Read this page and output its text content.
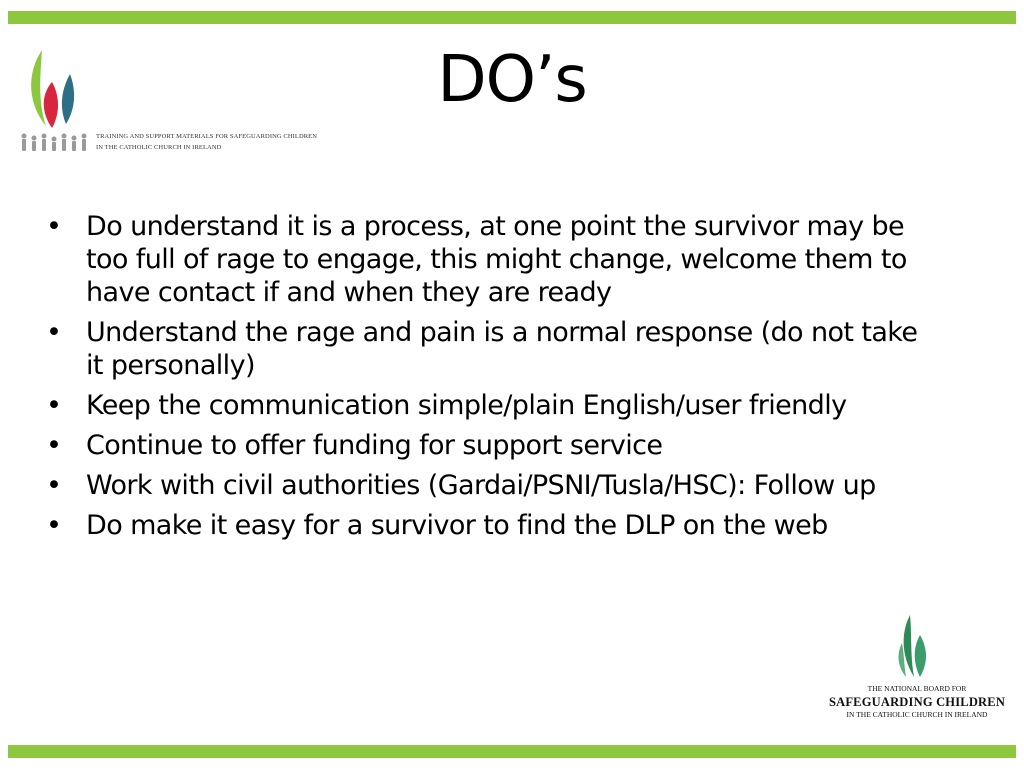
TRAINING AND SUPPORT MATERIALS FOR SAFEGUARDING CHILDREN
IN THE CATHOLIC CHURCH IN IRELAND
DO’s
• Do understand it is a process, at one point the survivor may be too full of rage to engage, this might change, welcome them to have contact if and when they are ready
• Understand the rage and pain is a normal response (do not take it personally)
• Keep the communication simple/plain English/user friendly
• Continue to offer funding for support service
• Work with civil authorities (Gardai/PSNI/Tusla/HSC): Follow up
• Do make it easy for a survivor to find the DLP on the web
THE NATIONAL BOARD FOR
SAFEGUARDING CHILDREN
IN THE CATHOLIC CHURCH IN IRELAND
